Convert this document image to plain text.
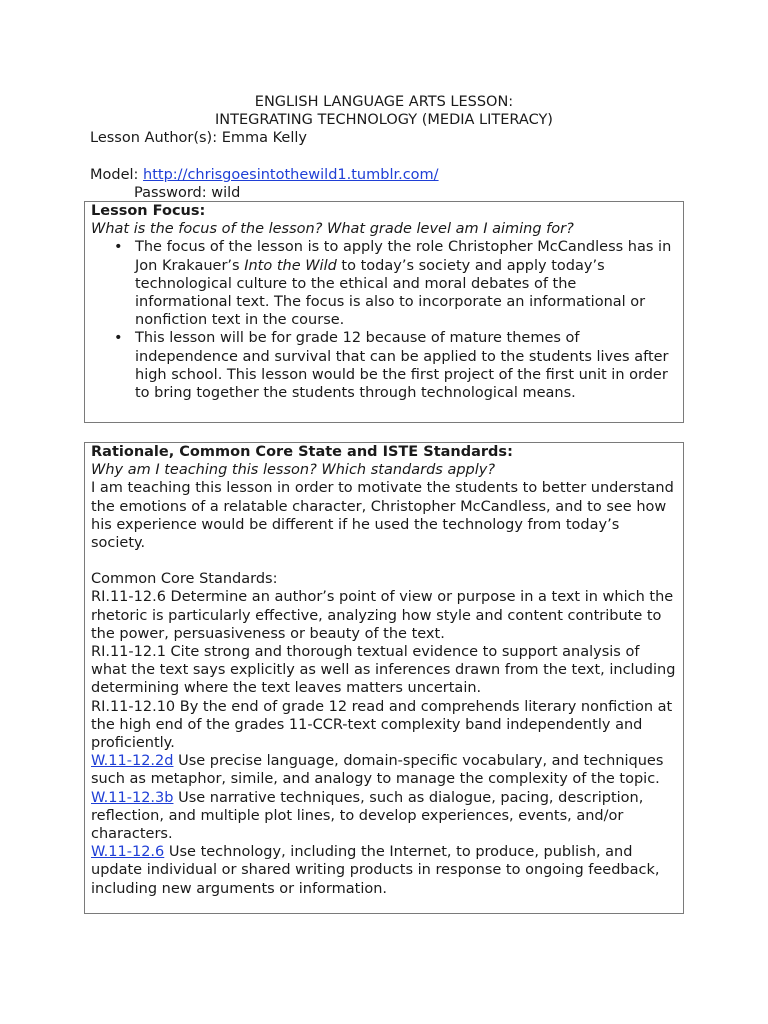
ENGLISH LANGUAGE ARTS LESSON:
INTEGRATING TECHNOLOGY (MEDIA LITERACY)
Lesson Author(s): Emma Kelly
Model: http://chrisgoesintothewild1.tumblr.com/
Password: wild

Lesson Focus:

What is the focus of the lesson? What grade level am I aiming for?

• The focus of the lesson is to apply the role Christopher McCandless has in Jon Krakauer’s Into the Wild to today’s society and apply today’s technological culture to the ethical and moral debates of the informational text. The focus is also to incorporate an informational or nonfiction text in the course.
• This lesson will be for grade 12 because of mature themes of independence and survival that can be applied to the students lives after high school. This lesson would be the first project of the first unit in order to bring together the students through technological means.

Rationale, Common Core State and ISTE Standards:

Why am I teaching this lesson? Which standards apply?

I am teaching this lesson in order to motivate the students to better understand the emotions of a relatable character, Christopher McCandless, and to see how his experience would be different if he used the technology from today’s society.

Common Core Standards:

RI.11-12.6 Determine an author’s point of view or purpose in a text in which the rhetoric is particularly effective, analyzing how style and content contribute to the power, persuasiveness or beauty of the text.

RI.11-12.1 Cite strong and thorough textual evidence to support analysis of what the text says explicitly as well as inferences drawn from the text, including determining where the text leaves matters uncertain.

RI.11-12.10 By the end of grade 12 read and comprehends literary nonfiction at the high end of the grades 11-CCR-text complexity band independently and proficiently.

W.11-12.2d Use precise language, domain-specific vocabulary, and techniques such as metaphor, simile, and analogy to manage the complexity of the topic.

W.11-12.3b Use narrative techniques, such as dialogue, pacing, description, reflection, and multiple plot lines, to develop experiences, events, and/or characters.

W.11-12.6 Use technology, including the Internet, to produce, publish, and update individual or shared writing products in response to ongoing feedback, including new arguments or information.
